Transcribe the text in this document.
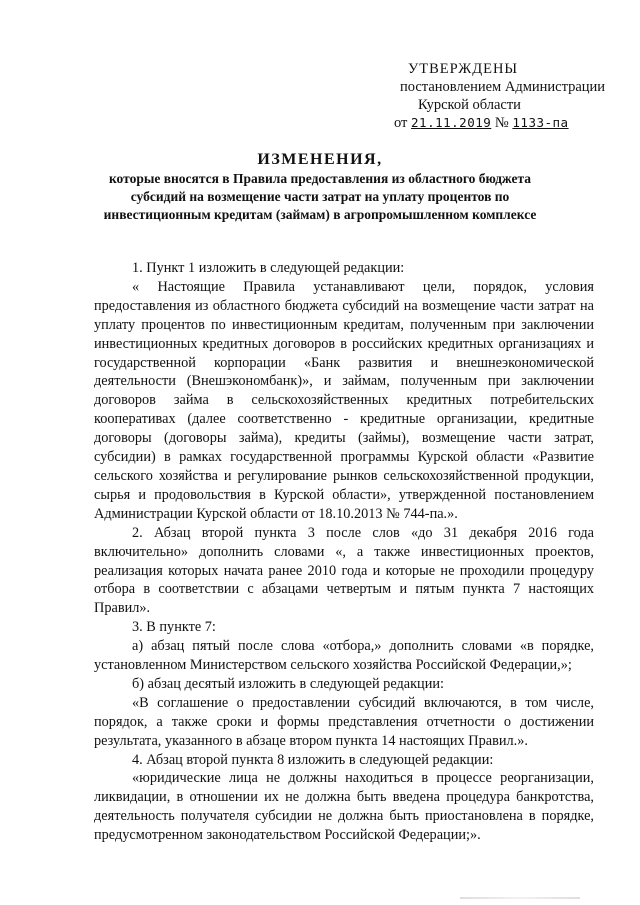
УТВЕРЖДЕНЫ
постановлением Администрации
Курской области
от 21.11.2019 № 1133-па
ИЗМЕНЕНИЯ,
которые вносятся в Правила предоставления из областного бюджета
субсидий на возмещение части затрат на уплату процентов по
инвестиционным кредитам (займам) в агропромышленном комплексе

1. Пункт 1 изложить в следующей редакции:

« Настоящие Правила устанавливают цели, порядок, условия предоставления из областного бюджета субсидий на возмещение части затрат на уплату процентов по инвестиционным кредитам, полученным при заключении инвестиционных кредитных договоров в российских кредитных организациях и государственной корпорации «Банк развития и внешнеэкономической деятельности (Внешэкономбанк)», и займам, полученным при заключении договоров займа в сельскохозяйственных кредитных потребительских кооперативах (далее соответственно - кредитные организации, кредитные договоры (договоры займа), кредиты (займы), возмещение части затрат, субсидии) в рамках государственной программы Курской области «Развитие сельского хозяйства и регулирование рынков сельскохозяйственной продукции, сырья и продовольствия в Курской области», утвержденной постановлением Администрации Курской области от 18.10.2013 № 744-па.».

2. Абзац второй пункта 3 после слов «до 31 декабря 2016 года включительно» дополнить словами «, а также инвестиционных проектов, реализация которых начата ранее 2010 года и которые не проходили процедуру отбора в соответствии с абзацами четвертым и пятым пункта 7 настоящих Правил».

3. В пункте 7:

а) абзац пятый после слова «отбора,» дополнить словами «в порядке, установленном Министерством сельского хозяйства Российской Федерации,»;

б) абзац десятый изложить в следующей редакции:

«В соглашение о предоставлении субсидий включаются, в том числе, порядок, а также сроки и формы представления отчетности о достижении результата, указанного в абзаце втором пункта 14 настоящих Правил.».

4. Абзац второй пункта 8 изложить в следующей редакции:

«юридические лица не должны находиться в процессе реорганизации, ликвидации, в отношении их не должна быть введена процедура банкротства, деятельность получателя субсидии не должна быть приостановлена в порядке, предусмотренном законодательством Российской Федерации;».
